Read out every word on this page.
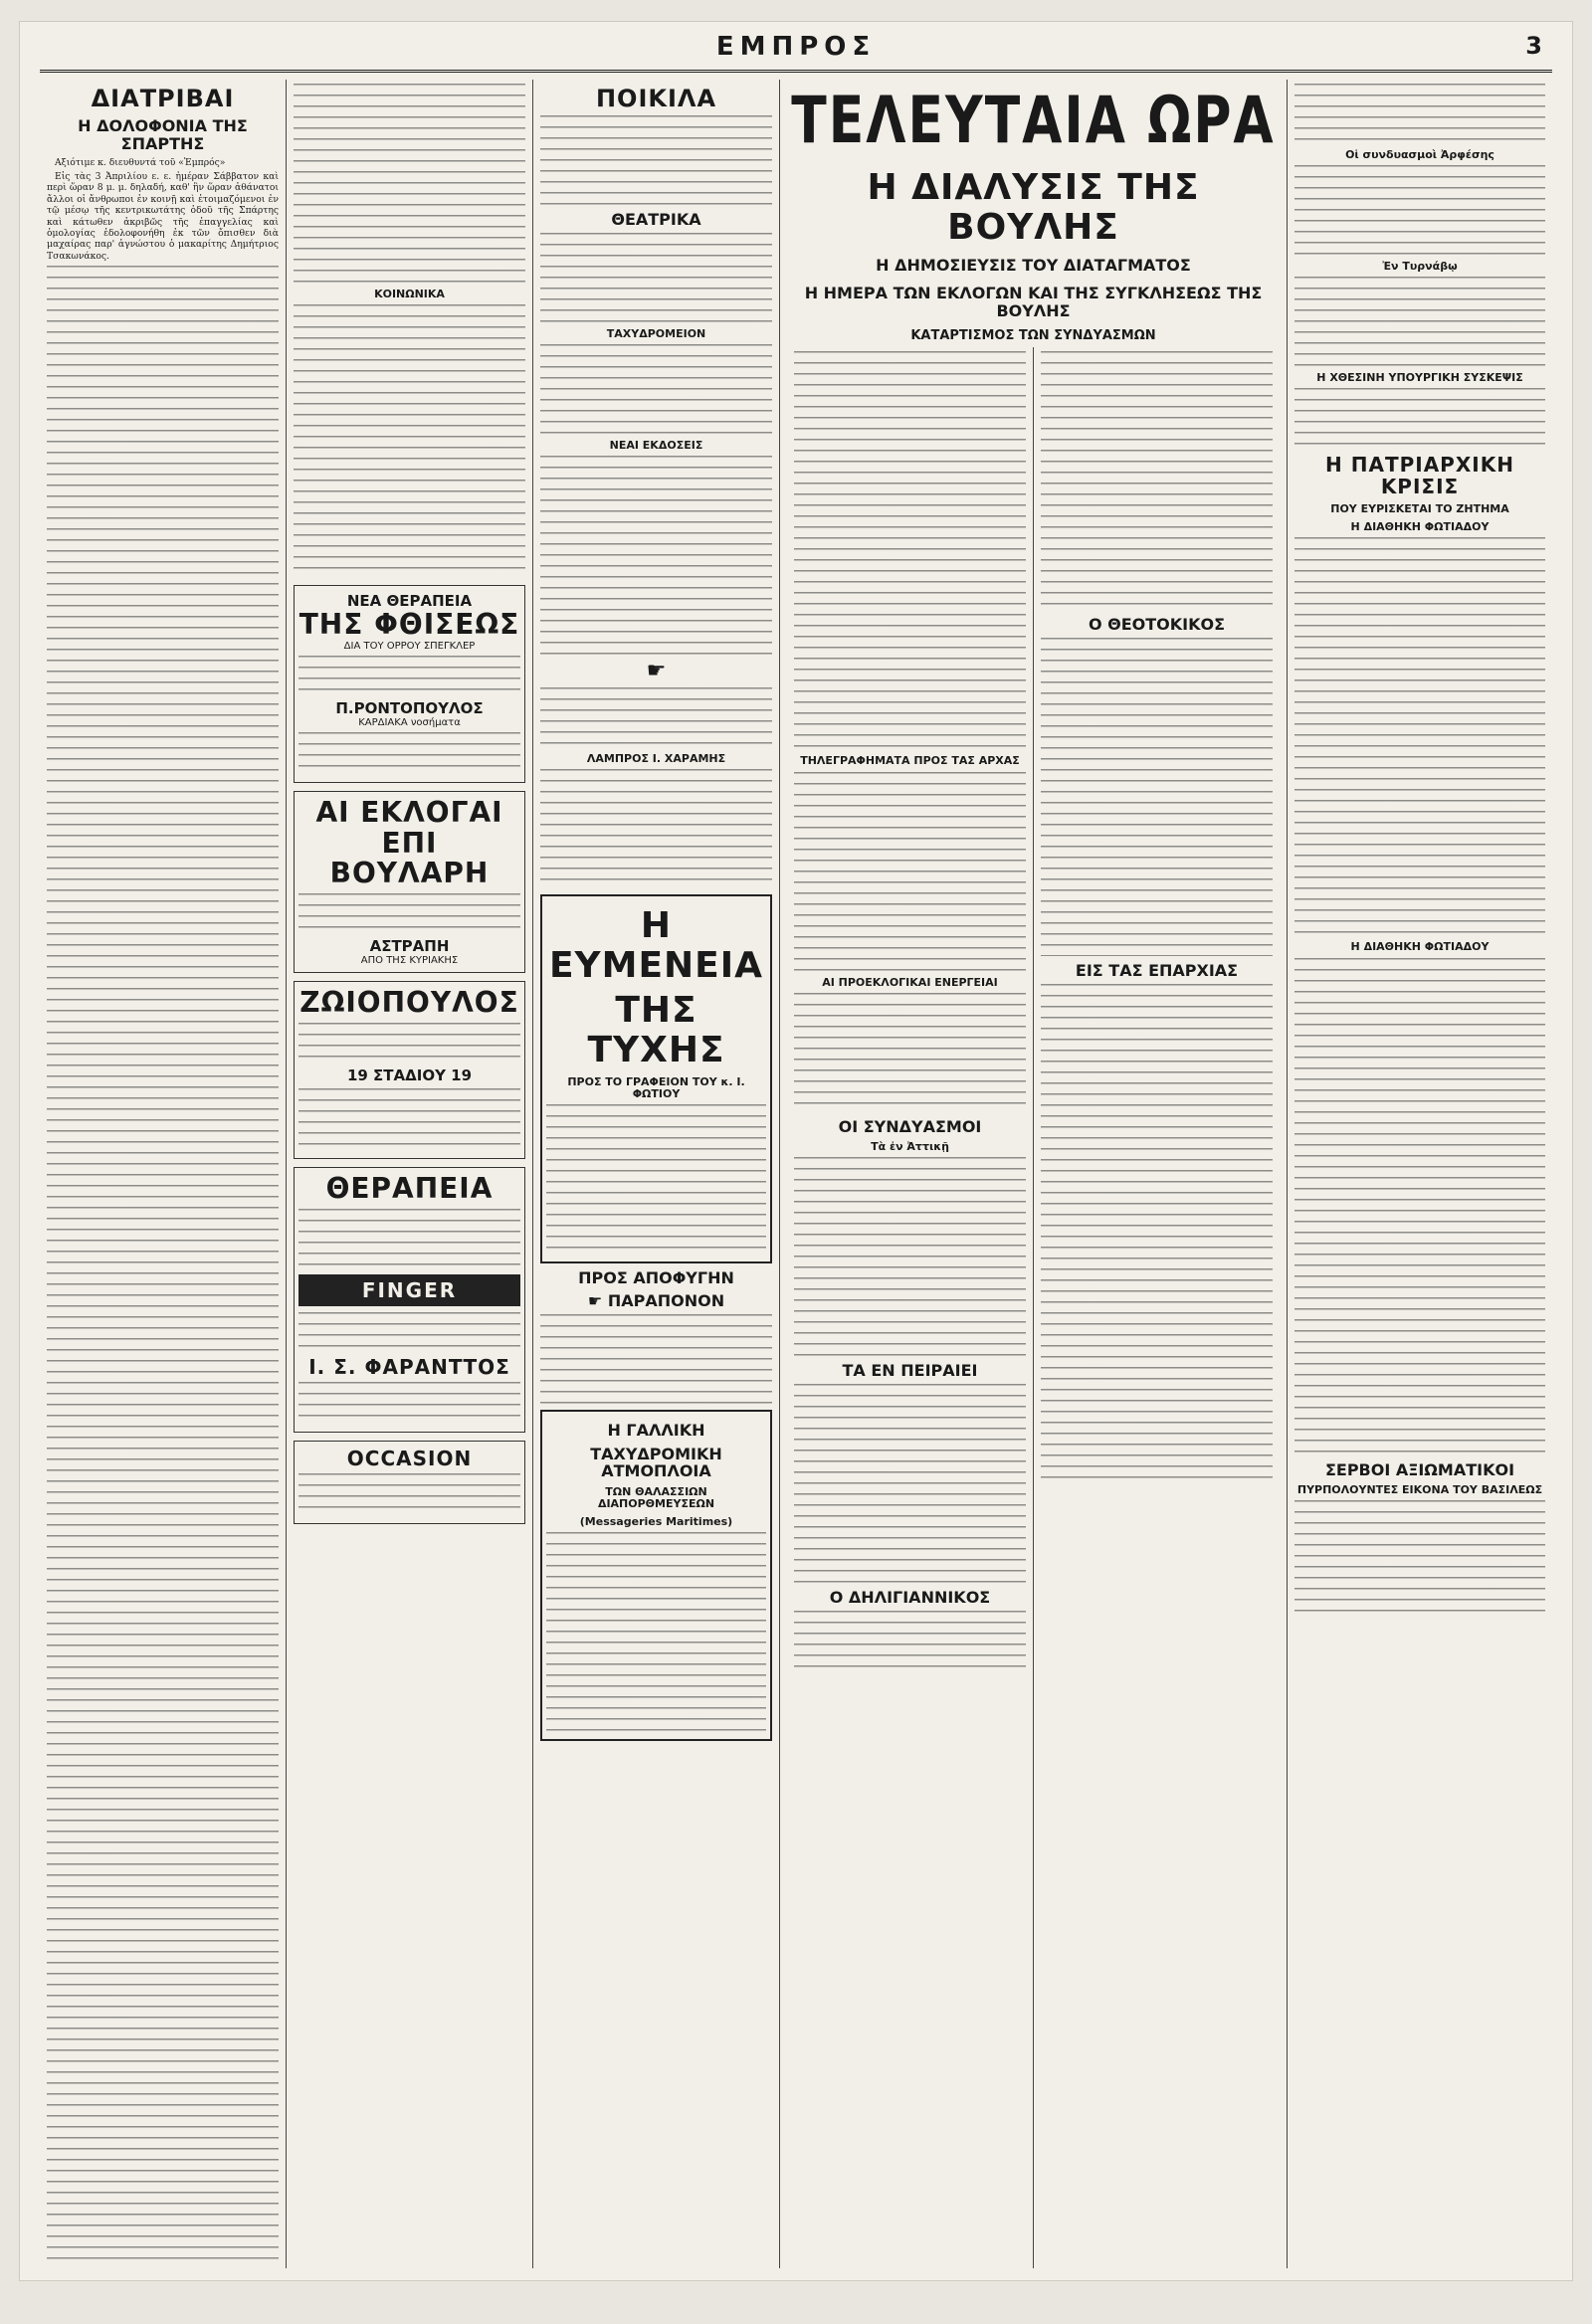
ΕΜΠΡΟΣ	3
ΔΙΑΤΡΙΒΑΙ
Η ΔΟΛΟΦΟΝΙΑ ΤΗΣ ΣΠΑΡΤΗΣ
Αξιότιμε κ. διευθυντά τοῦ «Ἐμπρός»
Εἰς τὰς 3 Ἀπριλίου ε. ε. ἡμέραν Σάββατον καὶ περὶ ὥραν 8 μ. μ. δηλαδή, καθ' ἣν ὥραν ἀθάνατοι ἄλλοι οἱ ἄνθρωποι ἐν κοινῇ καὶ ἐτοιμαζόμενοι ἐν τῷ μέσῳ τῆς κεντρικωτάτης ὁδοῦ τῆς Σπάρτης καὶ κάτωθεν ἀκριβῶς τῆς ἐπαγγελίας καὶ ὁμολογίας ἐδολοφονήθη ἐκ τῶν ὄπισθεν διὰ μαχαίρας παρ' ἀγνώστου ὁ μακαρίτης Δημήτριος Τσακωνάκος.
ΚΟΙΝΩΝΙΚΑ
ΝΕΑ ΘΕΡΑΠΕΙΑ
ΤΗΣ ΦΘΙΣΕΩΣ
ΔΙΑ ΤΟΥ ΟΡΡΟΥ ΣΠΕΓΚΛΕΡ
Π.ΡΟΝΤΟΠΟΥΛΟΣ
ΚΑΡΔΙΑΚΑ νοσήματα
ΑΙ ΕΚΛΟΓΑΙ
ΕΠΙ ΒΟΥΛΑΡΗ
ΑΣΤΡΑΠΗ
ΑΠΟ ΤΗΣ ΚΥΡΙΑΚΗΣ
ΖΩΙΟΠΟΥΛΟΣ
19 ΣΤΑΔΙΟΥ 19
ΘΕΡΑΠΕΙΑ
FINGER
Ι. Σ. ΦΑΡΑΝΤΤΟΣ
OCCASION
ΠΟΙΚΙΛΑ
ΘΕΑΤΡΙΚΑ
ΤΑΧΥΔΡΟΜΕΙΟΝ
ΝΕΑΙ ΕΚΔΟΣΕΙΣ
☛
ΛΑΜΠΡΟΣ Ι. ΧΑΡΑΜΗΣ
Η ΕΥΜΕΝΕΙΑ
ΤΗΣ ΤΥΧΗΣ
ΠΡΟΣ ΤΟ ΓΡΑΦΕΙΟΝ ΤΟΥ κ. Ι. ΦΩΤΙΟΥ
ΠΡΟΣ ΑΠΟΦΥΓΗΝ
☛ ΠΑΡΑΠΟΝΟΝ
Η ΓΑΛΛΙΚΗ
ΤΑΧΥΔΡΟΜΙΚΗ ΑΤΜΟΠΛΟΙΑ
ΤΩΝ ΘΑΛΑΣΣΙΩΝ ΔΙΑΠΟΡΘΜΕΥΣΕΩΝ
(Messageries Maritimes)
ΤΕΛΕΥΤΑΙΑ ΩΡΑ
Η ΔΙΑΛΥΣΙΣ ΤΗΣ ΒΟΥΛΗΣ
Η ΔΗΜΟΣΙΕΥΣΙΣ ΤΟΥ ΔΙΑΤΑΓΜΑΤΟΣ
Η ΗΜΕΡΑ ΤΩΝ ΕΚΛΟΓΩΝ ΚΑΙ ΤΗΣ ΣΥΓΚΛΗΣΕΩΣ ΤΗΣ ΒΟΥΛΗΣ
ΚΑΤΑΡΤΙΣΜΟΣ ΤΩΝ ΣΥΝΔΥΑΣΜΩΝ
ΤΗΛΕΓΡΑΦΗΜΑΤΑ ΠΡΟΣ ΤΑΣ ΑΡΧΑΣ
ΑΙ ΠΡΟΕΚΛΟΓΙΚΑΙ ΕΝΕΡΓΕΙΑΙ
ΟΙ ΣΥΝΔΥΑΣΜΟΙ
Τὰ ἐν Ἀττικῇ
ΤΑ ΕΝ ΠΕΙΡΑΙΕΙ
Ο ΔΗΛΙΓΙΑΝΝΙΚΟΣ
Ο ΘΕΟΤΟΚΙΚΟΣ
ΕΙΣ ΤΑΣ ΕΠΑΡΧΙΑΣ
Οἱ συνδυασμοὶ Ἀρφέσης
Ἐν Τυρνάβῳ
Η ΧΘΕΣΙΝΗ ΥΠΟΥΡΓΙΚΗ ΣΥΣΚΕΨΙΣ
Η ΠΑΤΡΙΑΡΧΙΚΗ ΚΡΙΣΙΣ
ΠΟΥ ΕΥΡΙΣΚΕΤΑΙ ΤΟ ΖΗΤΗΜΑ
Η ΔΙΑΘΗΚΗ ΦΩΤΙΑΔΟΥ
Η ΔΙΑΘΗΚΗ ΦΩΤΙΑΔΟΥ
ΣΕΡΒΟΙ ΑΞΙΩΜΑΤΙΚΟΙ
ΠΥΡΠΟΛΟΥΝΤΕΣ ΕΙΚΟΝΑ ΤΟΥ ΒΑΣΙΛΕΩΣ
